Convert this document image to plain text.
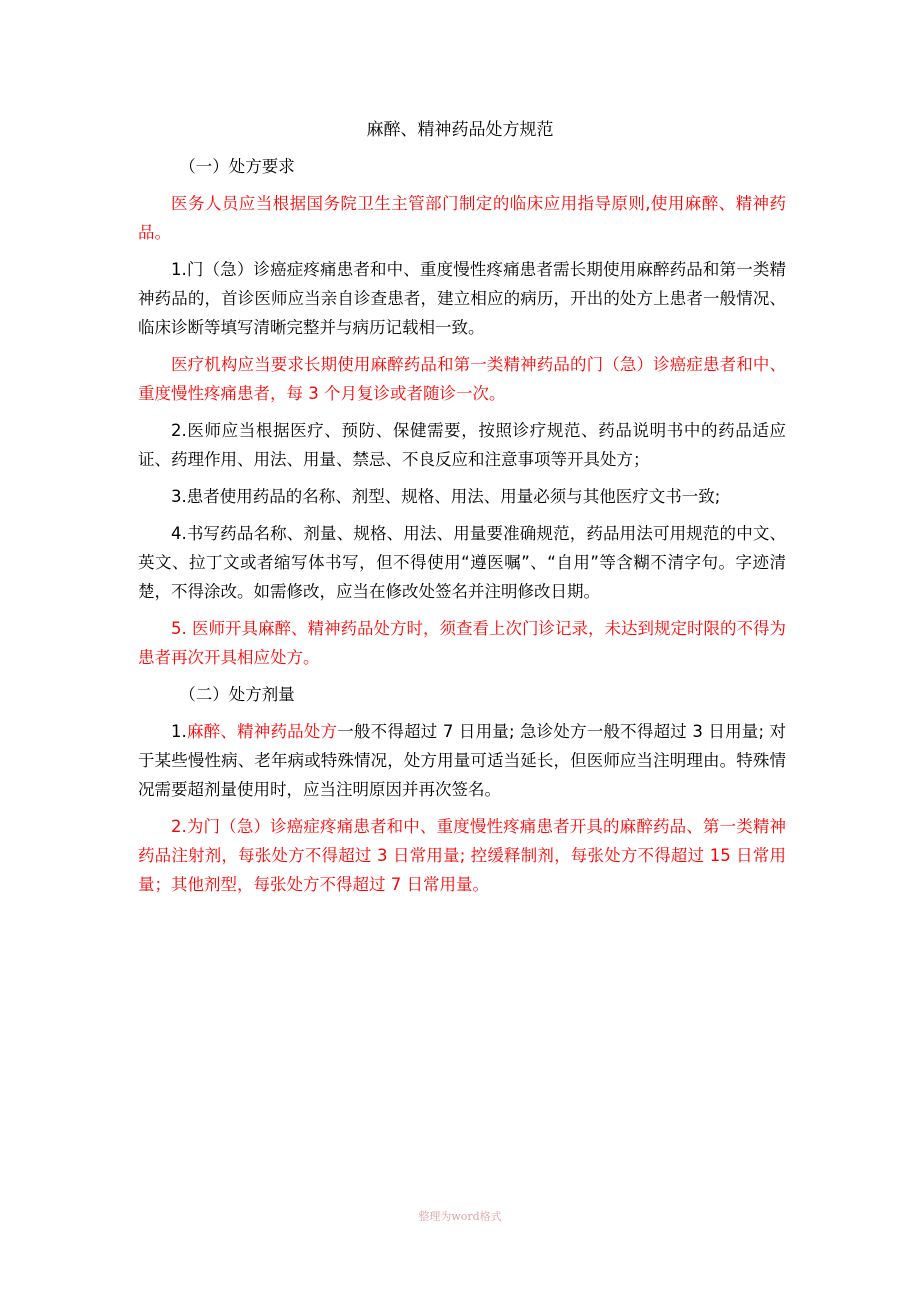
麻醉、精神药品处方规范

（一）处方要求

医务人员应当根据国务院卫生主管部门制定的临床应用指导原则,使用麻醉、精神药品。

1.门（急）诊癌症疼痛患者和中、重度慢性疼痛患者需长期使用麻醉药品和第一类精神药品的，首诊医师应当亲自诊查患者，建立相应的病历，开出的处方上患者一般情况、临床诊断等填写清晰完整并与病历记载相一致。

医疗机构应当要求长期使用麻醉药品和第一类精神药品的门（急）诊癌症患者和中、重度慢性疼痛患者，每 3 个月复诊或者随诊一次。

2.医师应当根据医疗、预防、保健需要，按照诊疗规范、药品说明书中的药品适应证、药理作用、用法、用量、禁忌、不良反应和注意事项等开具处方；

3.患者使用药品的名称、剂型、规格、用法、用量必须与其他医疗文书一致;

4.书写药品名称、剂量、规格、用法、用量要准确规范，药品用法可用规范的中文、英文、拉丁文或者缩写体书写，但不得使用“遵医嘱”、“自用”等含糊不清字句。字迹清楚，不得涂改。如需修改，应当在修改处签名并注明修改日期。

5. 医师开具麻醉、精神药品处方时，须查看上次门诊记录，未达到规定时限的不得为患者再次开具相应处方。

（二）处方剂量

1.麻醉、精神药品处方一般不得超过 7 日用量; 急诊处方一般不得超过 3 日用量; 对于某些慢性病、老年病或特殊情况，处方用量可适当延长，但医师应当注明理由。特殊情况需要超剂量使用时，应当注明原因并再次签名。

2.为门（急）诊癌症疼痛患者和中、重度慢性疼痛患者开具的麻醉药品、第一类精神药品注射剂，每张处方不得超过 3 日常用量; 控缓释制剂，每张处方不得超过 15 日常用量；其他剂型，每张处方不得超过 7 日常用量。

整理为word格式
